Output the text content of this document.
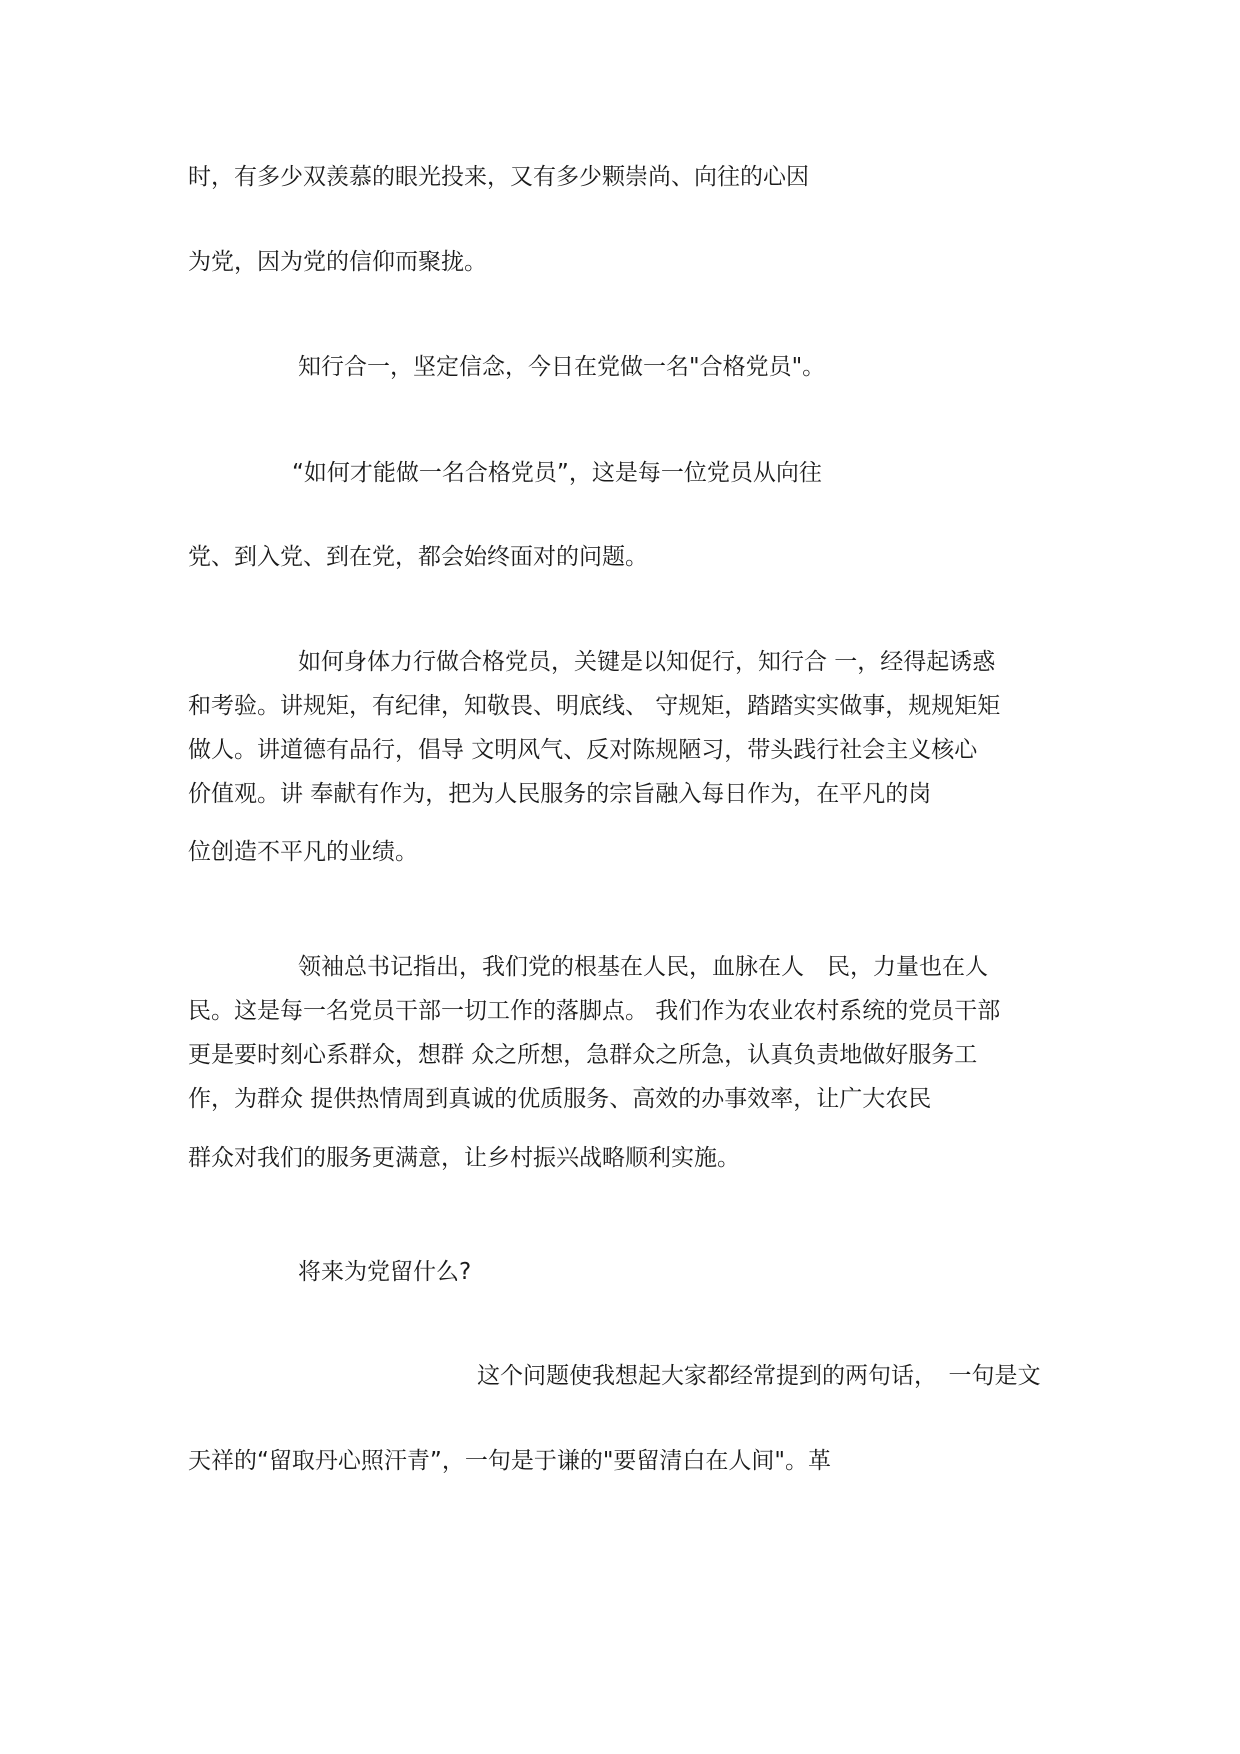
时，有多少双羡慕的眼光投来，又有多少颗崇尚、向往的心因
为党，因为党的信仰而聚拢。
知行合一，坚定信念，今日在党做一名"合格党员"。
“如何才能做一名合格党员”，这是每一位党员从向往
党、到入党、到在党，都会始终面对的问题。
如何身体力行做合格党员，关键是以知促行，知行合 一，经得起诱惑
和考验。讲规矩，有纪律，知敬畏、明底线、 守规矩，踏踏实实做事，规规矩矩
做人。讲道德有品行，倡导 文明风气、反对陈规陋习，带头践行社会主义核心
价值观。讲 奉献有作为，把为人民服务的宗旨融入每日作为，在平凡的岗
位创造不平凡的业绩。
领袖总书记指出，我们党的根基在人民，血脉在人　民，力量也在人
民。这是每一名党员干部一切工作的落脚点。 我们作为农业农村系统的党员干部
更是要时刻心系群众，想群 众之所想，急群众之所急，认真负责地做好服务工
作，为群众 提供热情周到真诚的优质服务、高效的办事效率，让广大农民
群众对我们的服务更满意，让乡村振兴战略顺利实施。
将来为党留什么?
这个问题使我想起大家都经常提到的两句话，　一句是文
天祥的“留取丹心照汗青”，一句是于谦的"要留清白在人间"。革
